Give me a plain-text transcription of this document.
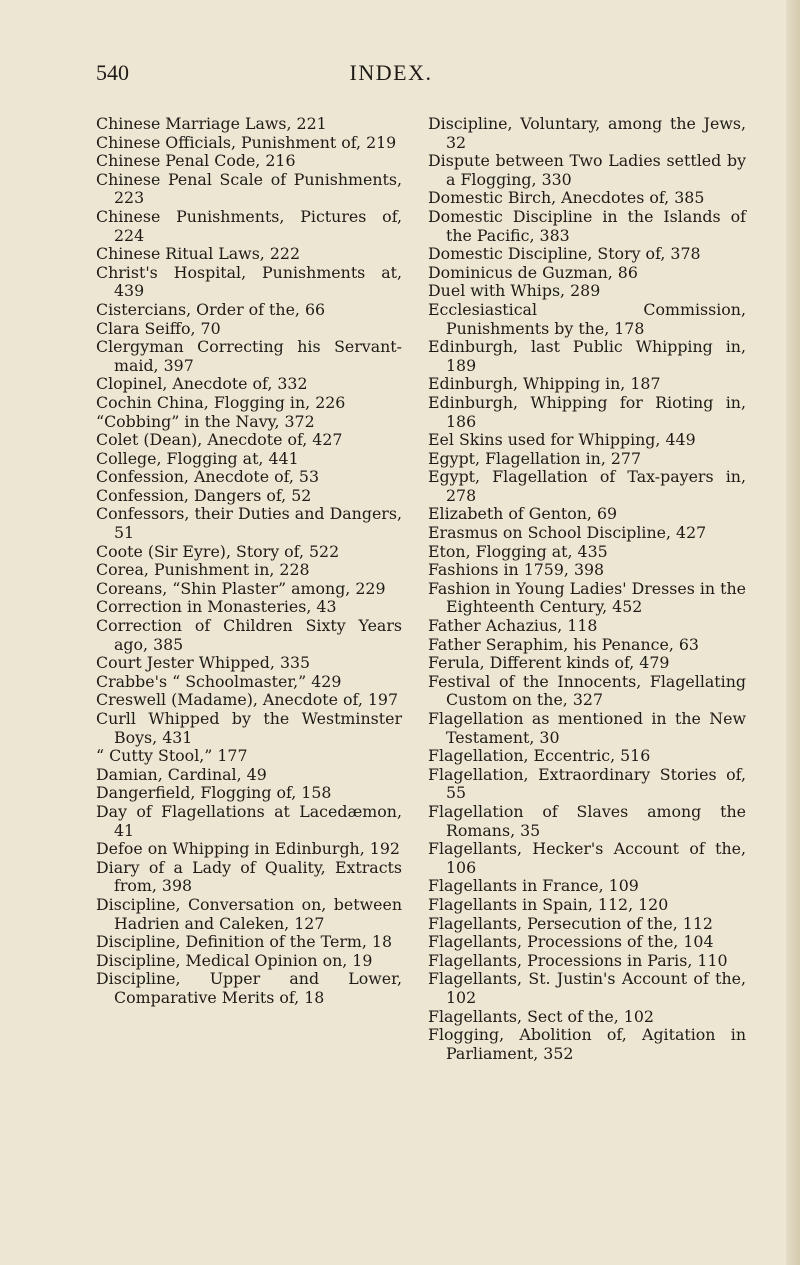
540	INDEX.
Chinese Marriage Laws, 221
Chinese Officials, Punishment of, 219
Chinese Penal Code, 216
Chinese Penal Scale of Punishments, 223
Chinese Punishments, Pictures of, 224
Chinese Ritual Laws, 222
Christ's Hospital, Punishments at, 439
Cistercians, Order of the, 66
Clara Seiffo, 70
Clergyman Correcting his Servant-maid, 397
Clopinel, Anecdote of, 332
Cochin China, Flogging in, 226
“Cobbing” in the Navy, 372
Colet (Dean), Anecdote of, 427
College, Flogging at, 441
Confession, Anecdote of, 53
Confession, Dangers of, 52
Confessors, their Duties and Dangers, 51
Coote (Sir Eyre), Story of, 522
Corea, Punishment in, 228
Coreans, “Shin Plaster” among, 229
Correction in Monasteries, 43
Correction of Children Sixty Years ago, 385
Court Jester Whipped, 335
Crabbe's “ Schoolmaster,” 429
Creswell (Madame), Anecdote of, 197
Curll Whipped by the Westminster Boys, 431
“ Cutty Stool,” 177
Damian, Cardinal, 49
Dangerfield, Flogging of, 158
Day of Flagellations at Lacedæmon, 41
Defoe on Whipping in Edinburgh, 192
Diary of a Lady of Quality, Extracts from, 398
Discipline, Conversation on, between Hadrien and Caleken, 127
Discipline, Definition of the Term, 18
Discipline, Medical Opinion on, 19
Discipline, Upper and Lower, Comparative Merits of, 18
Discipline, Voluntary, among the Jews, 32
Dispute between Two Ladies settled by a Flogging, 330
Domestic Birch, Anecdotes of, 385
Domestic Discipline in the Islands of the Pacific, 383
Domestic Discipline, Story of, 378
Dominicus de Guzman, 86
Duel with Whips, 289
Ecclesiastical Commission, Punishments by the, 178
Edinburgh, last Public Whipping in, 189
Edinburgh, Whipping in, 187
Edinburgh, Whipping for Rioting in, 186
Eel Skins used for Whipping, 449
Egypt, Flagellation in, 277
Egypt, Flagellation of Tax-payers in, 278
Elizabeth of Genton, 69
Erasmus on School Discipline, 427
Eton, Flogging at, 435
Fashions in 1759, 398
Fashion in Young Ladies' Dresses in the Eighteenth Century, 452
Father Achazius, 118
Father Seraphim, his Penance, 63
Ferula, Different kinds of, 479
Festival of the Innocents, Flagellating Custom on the, 327
Flagellation as mentioned in the New Testament, 30
Flagellation, Eccentric, 516
Flagellation, Extraordinary Stories of, 55
Flagellation of Slaves among the Romans, 35
Flagellants, Hecker's Account of the, 106
Flagellants in France, 109
Flagellants in Spain, 112, 120
Flagellants, Persecution of the, 112
Flagellants, Processions of the, 104
Flagellants, Processions in Paris, 110
Flagellants, St. Justin's Account of the, 102
Flagellants, Sect of the, 102
Flogging, Abolition of, Agitation in Parliament, 352
